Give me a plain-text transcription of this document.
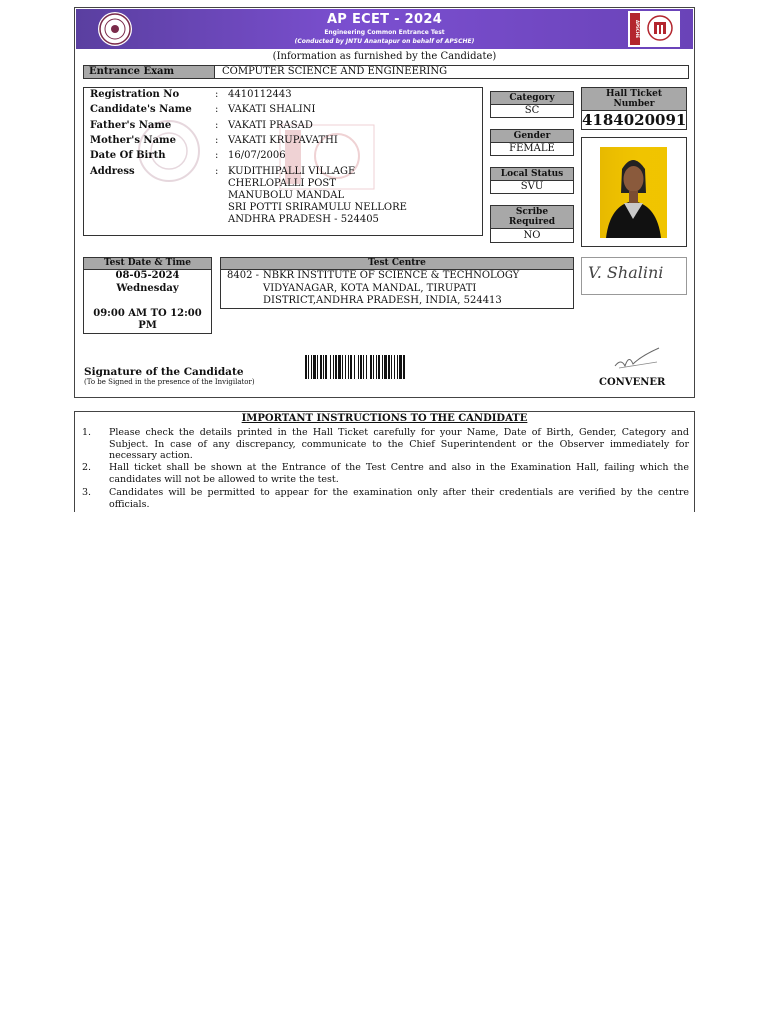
AP ECET - 2024
Engineering Common Entrance Test
(Conducted by JNTU Anantapur on behalf of APSCHE)
APSCHE
(Information as furnished by the Candidate)
Entrance Exam	COMPUTER SCIENCE AND ENGINEERING
Registration No	: 4410112443
Candidate's Name : VAKATI SHALINI
Father's Name	: VAKATI PRASAD
Mother's Name	: VAKATI KRUPAVATHI
Date Of Birth	: 16/07/2006
Address	: KUDITHIPALLI VILLAGE
CHERLOPALLI POST
MANUBOLU MANDAL
SRI POTTI SRIRAMULU NELLORE
ANDHRA PRADESH - 524405
Category
SC
Gender
FEMALE
Local Status
SVU
Scribe
Required
NO
Hall Ticket
Number
4184020091
V. Shalini
Test Date & Time
08-05-2024
Wednesday
09:00 AM TO 12:00
PM
Test Centre
8402 - NBKR INSTITUTE OF SCIENCE & TECHNOLOGY
VIDYANAGAR, KOTA MANDAL, TIRUPATI
DISTRICT,ANDHRA PRADESH, INDIA, 524413
Signature of the Candidate
(To be Signed in the presence of the Invigilator)	CONVENER
IMPORTANT INSTRUCTIONS TO THE CANDIDATE
1. Please check the details printed in the Hall Ticket carefully for your Name, Date of Birth, Gender, Category and Subject. In case of any discrepancy, communicate to the Chief Superintendent or the Observer immediately for necessary action.
2. Hall ticket shall be shown at the Entrance of the Test Centre and also in the Examination Hall, failing which the candidates will not be allowed to write the test.
3. Candidates will be permitted to appear for the examination only after their credentials are verified by the centre officials.
